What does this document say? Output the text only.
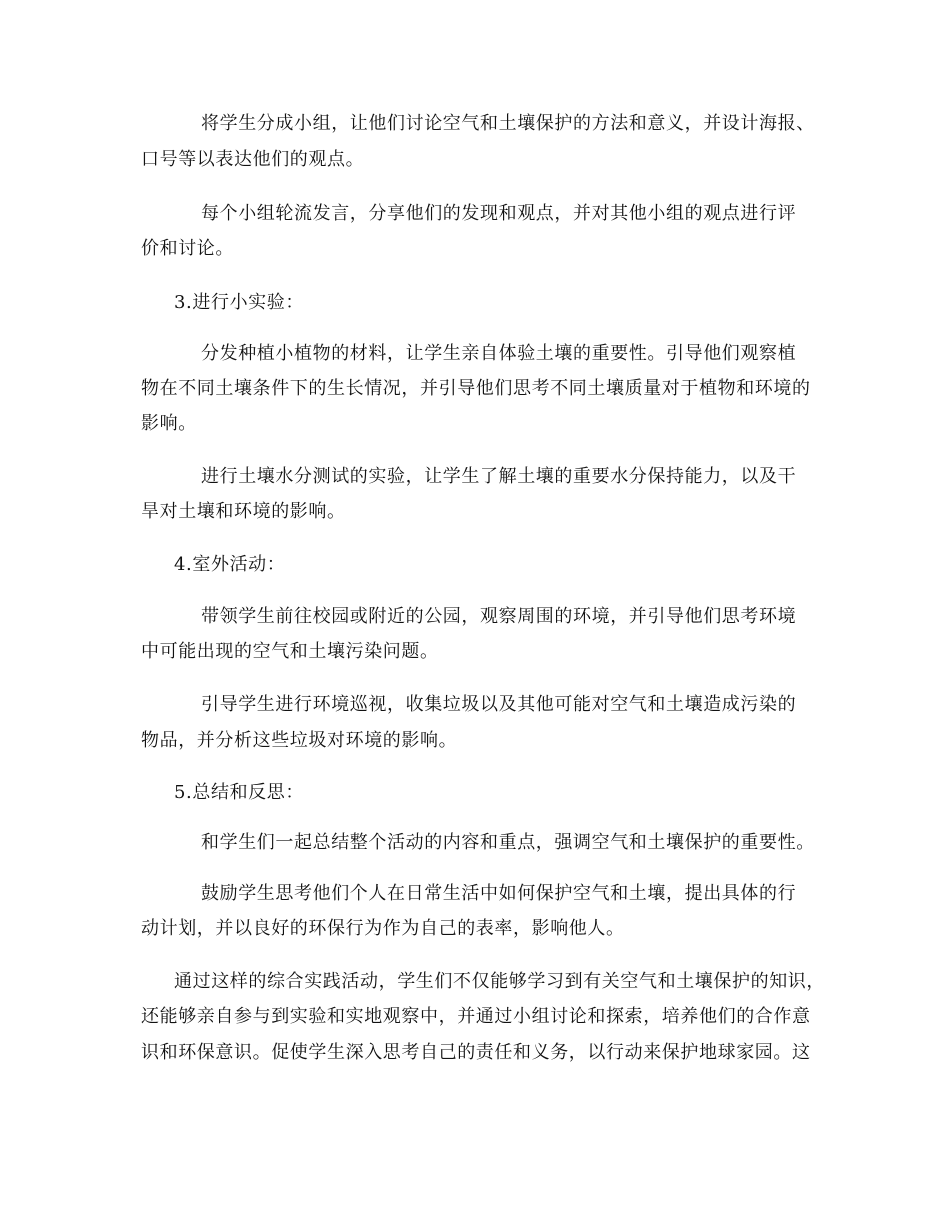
将学生分成小组，让他们讨论空气和土壤保护的方法和意义，并设计海报、
口号等以表达他们的观点。
每个小组轮流发言，分享他们的发现和观点，并对其他小组的观点进行评
价和讨论。
3.进行小实验：
分发种植小植物的材料，让学生亲自体验土壤的重要性。引导他们观察植
物在不同土壤条件下的生长情况，并引导他们思考不同土壤质量对于植物和环境的
影响。
进行土壤水分测试的实验，让学生了解土壤的重要水分保持能力，以及干
旱对土壤和环境的影响。
4.室外活动：
带领学生前往校园或附近的公园，观察周围的环境，并引导他们思考环境
中可能出现的空气和土壤污染问题。
引导学生进行环境巡视，收集垃圾以及其他可能对空气和土壤造成污染的
物品，并分析这些垃圾对环境的影响。
5.总结和反思：
和学生们一起总结整个活动的内容和重点，强调空气和土壤保护的重要性。
鼓励学生思考他们个人在日常生活中如何保护空气和土壤，提出具体的行
动计划，并以良好的环保行为作为自己的表率，影响他人。
通过这样的综合实践活动，学生们不仅能够学习到有关空气和土壤保护的知识，
还能够亲自参与到实验和实地观察中，并通过小组讨论和探索，培养他们的合作意
识和环保意识。促使学生深入思考自己的责任和义务，以行动来保护地球家园。这
